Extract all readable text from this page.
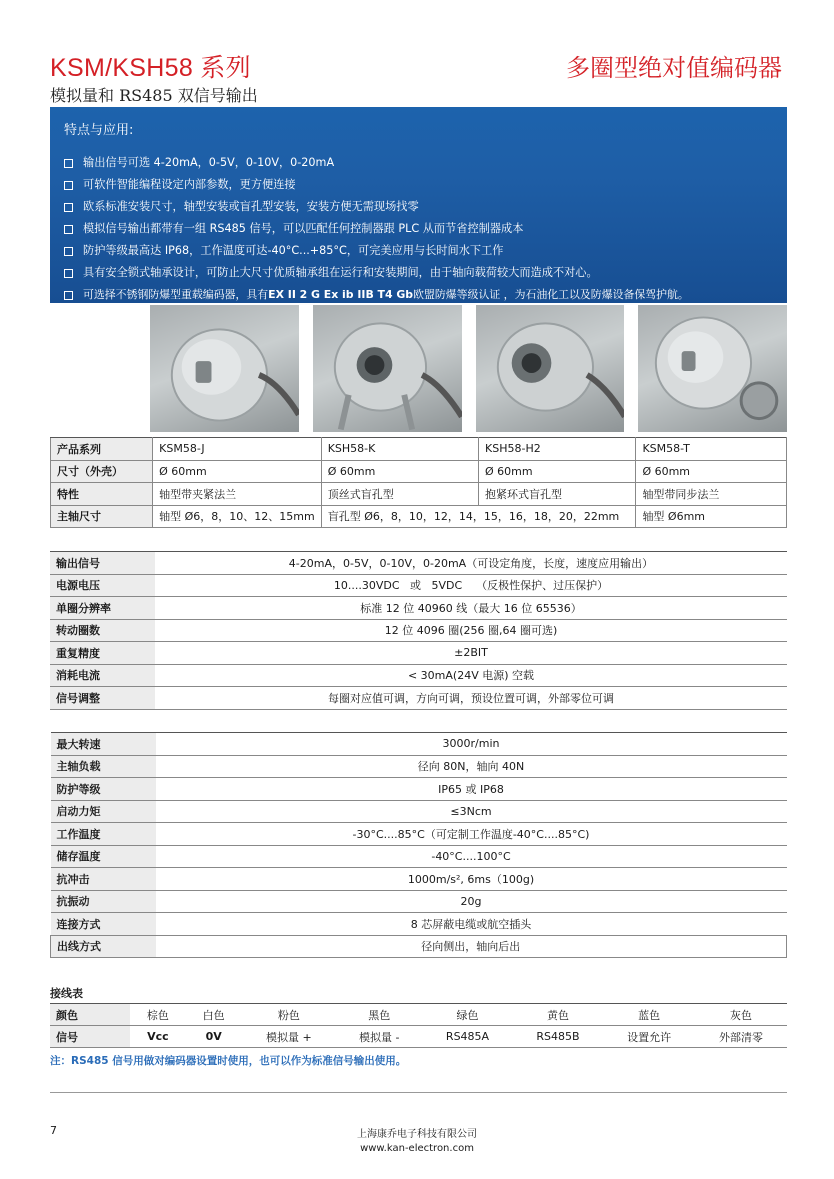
KSM/KSH58 系列	多圈型绝对值编码器
模拟量和 RS485 双信号输出
特点与应用:
输出信号可选 4-20mA，0-5V，0-10V，0-20mA
可软件智能编程设定内部参数，更方便连接
欧系标准安装尺寸，轴型安装或盲孔型安装，安装方便无需现场找零
模拟信号输出都带有一组 RS485 信号，可以匹配任何控制器跟 PLC 从而节省控制器成本
防护等级最高达 IP68，工作温度可达-40°C...+85°C，可完美应用与长时间水下工作
具有安全锁式轴承设计，可防止大尺寸优质轴承组在运行和安装期间，由于轴向载荷较大而造成不对心。
可选择不锈钢防爆型重载编码器，具有 EX II 2 G Ex ib IIB T4 Gb 欧盟防爆等级认证 ，为石油化工以及防爆设备保驾护航。
产品系列	KSM58-J	KSH58-K	KSH58-H2	KSM58-T
尺寸（外壳）	Ø 60mm	Ø 60mm	Ø 60mm	Ø 60mm
特性	轴型带夹紧法兰	顶丝式盲孔型	抱紧环式盲孔型	轴型带同步法兰
主轴尺寸	轴型 Ø6，8，10、12、15mm	盲孔型 Ø6，8，10，12，14，15，16，18，20，22mm		轴型 Ø6mm
输出信号	4-20mA，0-5V，0-10V，0-20mA（可设定角度，长度，速度应用输出）
电源电压	10....30VDC   或   5VDC    （反极性保护、过压保护）
单圈分辨率	标准 12 位 40960 线（最大 16 位 65536）
转动圈数	12 位 4096 圈(256 圈,64 圈可选)
重复精度	±2BIT
消耗电流	< 30mA(24V 电源) 空载
信号调整	每圈对应值可调，方向可调，预设位置可调，外部零位可调
最大转速	3000r/min
主轴负载	径向 80N，轴向 40N
防护等级	IP65 或 IP68
启动力矩	≤3Ncm
工作温度	-30°C....85°C（可定制工作温度-40°C....85°C)
储存温度	-40°C....100°C
抗冲击	1000m/s², 6ms（100g)
抗振动	20g
连接方式	8 芯屏蔽电缆或航空插头
出线方式	径向侧出，轴向后出
接线表
颜色	棕色	白色	粉色	黑色	绿色	黄色	蓝色	灰色
信号	Vcc	0V	模拟量 +	模拟量 -	RS485A	RS485B	设置允许	外部清零
注：RS485 信号用做对编码器设置时使用，也可以作为标准信号输出使用。
7	上海康乔电子科技有限公司
www.kan-electron.com
